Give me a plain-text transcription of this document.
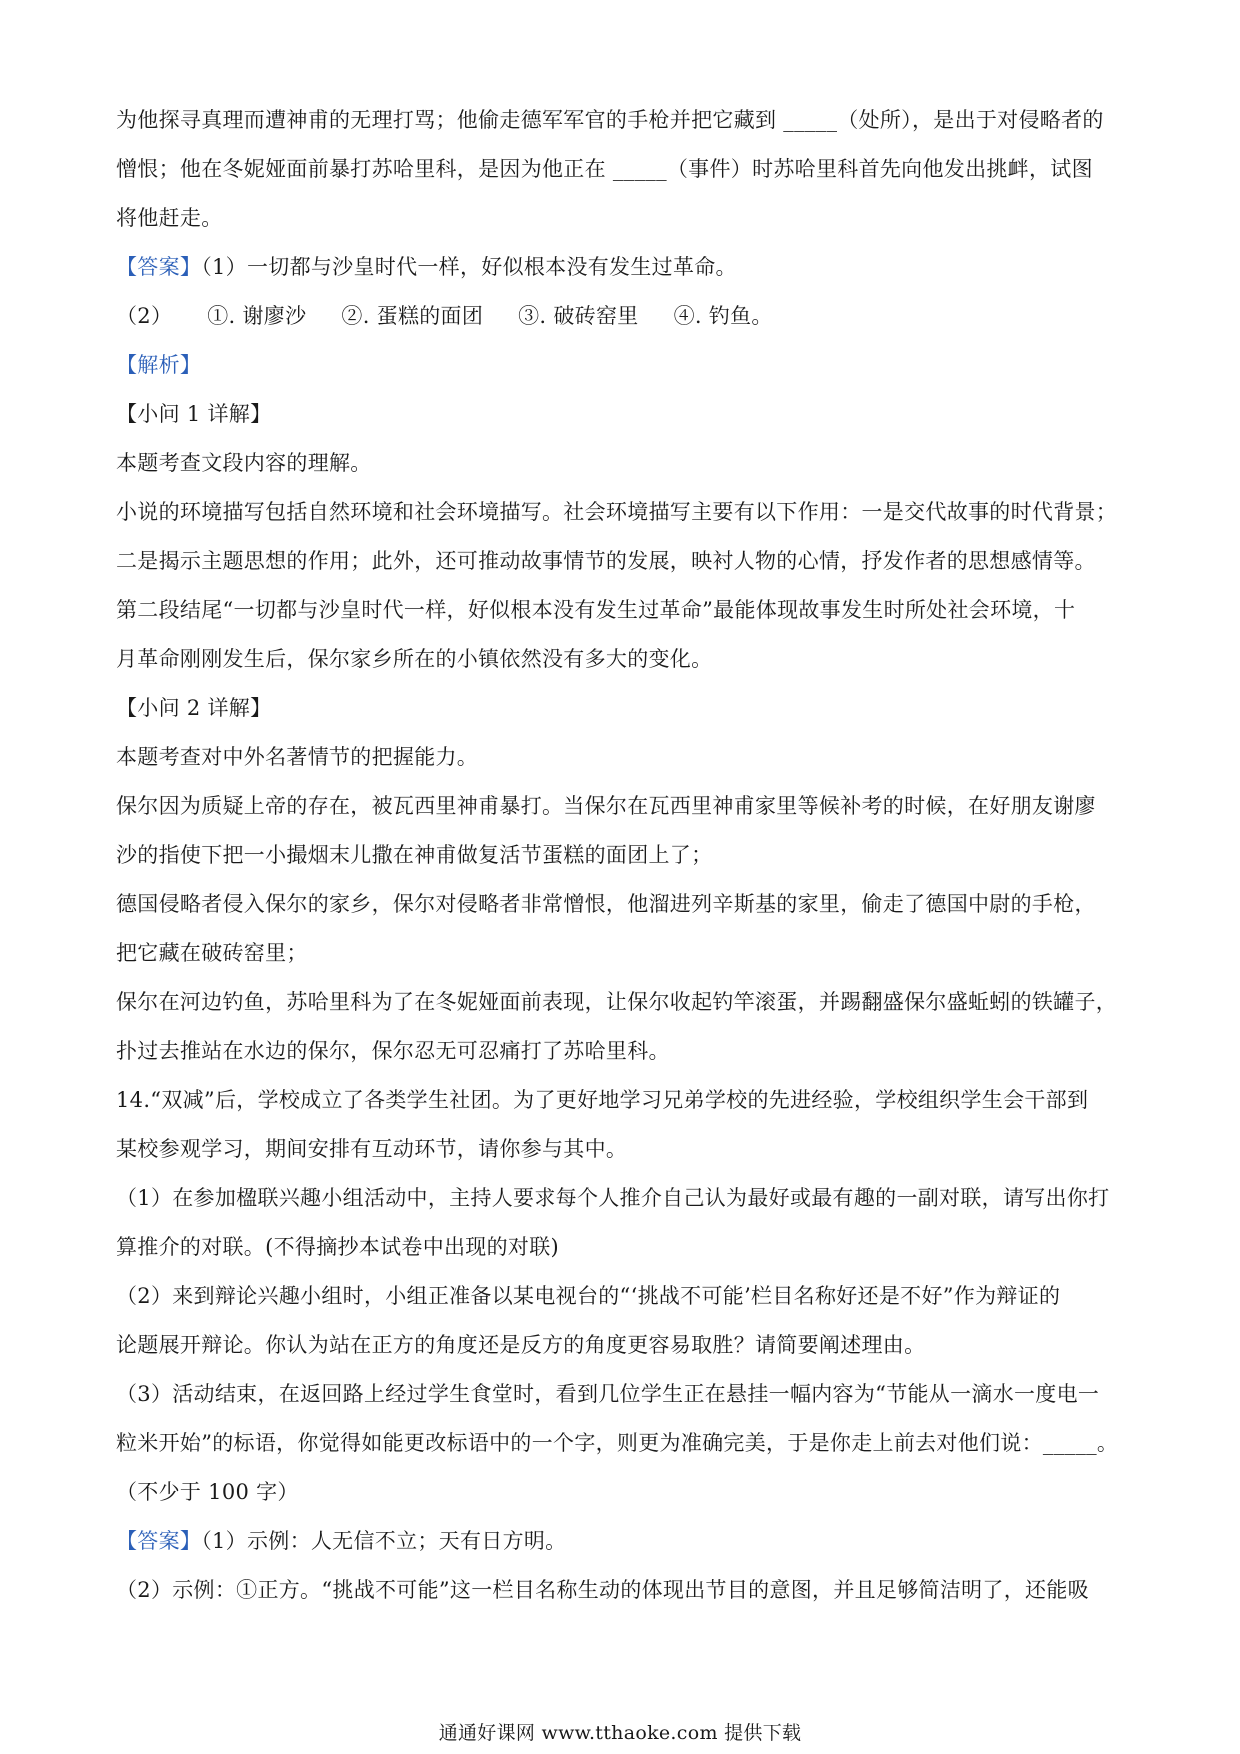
为他探寻真理而遭神甫的无理打骂；他偷走德军军官的手枪并把它藏到 _____（处所），是出于对侵略者的
憎恨；他在冬妮娅面前暴打苏哈里科，是因为他正在 _____（事件）时苏哈里科首先向他发出挑衅，试图
将他赶走。
【答案】（1）一切都与沙皇时代一样，好似根本没有发生过革命。
（2） ①. 谢廖沙 ②. 蛋糕的面团 ③. 破砖窑里 ④. 钓鱼。
【解析】
【小问 1 详解】
本题考查文段内容的理解。
小说的环境描写包括自然环境和社会环境描写。社会环境描写主要有以下作用：一是交代故事的时代背景；
二是揭示主题思想的作用；此外，还可推动故事情节的发展，映衬人物的心情，抒发作者的思想感情等。
第二段结尾“一切都与沙皇时代一样，好似根本没有发生过革命”最能体现故事发生时所处社会环境，十
月革命刚刚发生后，保尔家乡所在的小镇依然没有多大的变化。
【小问 2 详解】
本题考查对中外名著情节的把握能力。
保尔因为质疑上帝的存在，被瓦西里神甫暴打。当保尔在瓦西里神甫家里等候补考的时候，在好朋友谢廖
沙的指使下把一小撮烟末儿撒在神甫做复活节蛋糕的面团上了；
德国侵略者侵入保尔的家乡，保尔对侵略者非常憎恨，他溜进列辛斯基的家里，偷走了德国中尉的手枪，
把它藏在破砖窑里；
保尔在河边钓鱼，苏哈里科为了在冬妮娅面前表现，让保尔收起钓竿滚蛋，并踢翻盛保尔盛蚯蚓的铁罐子，
扑过去推站在水边的保尔，保尔忍无可忍痛打了苏哈里科。
14.“双减”后，学校成立了各类学生社团。为了更好地学习兄弟学校的先进经验，学校组织学生会干部到
某校参观学习，期间安排有互动环节，请你参与其中。
（1）在参加楹联兴趣小组活动中，主持人要求每个人推介自己认为最好或最有趣的一副对联，请写出你打
算推介的对联。(不得摘抄本试卷中出现的对联)
（2）来到辩论兴趣小组时，小组正准备以某电视台的“‘挑战不可能’栏目名称好还是不好”作为辩证的
论题展开辩论。你认为站在正方的角度还是反方的角度更容易取胜？请简要阐述理由。
（3）活动结束，在返回路上经过学生食堂时，看到几位学生正在悬挂一幅内容为“节能从一滴水一度电一
粒米开始”的标语，你觉得如能更改标语中的一个字，则更为准确完美，于是你走上前去对他们说：_____。
（不少于 100 字）
【答案】（1）示例：人无信不立；天有日方明。
（2）示例：①正方。“挑战不可能”这一栏目名称生动的体现出节目的意图，并且足够简洁明了，还能吸
通通好课网 www.tthaoke.com 提供下载
